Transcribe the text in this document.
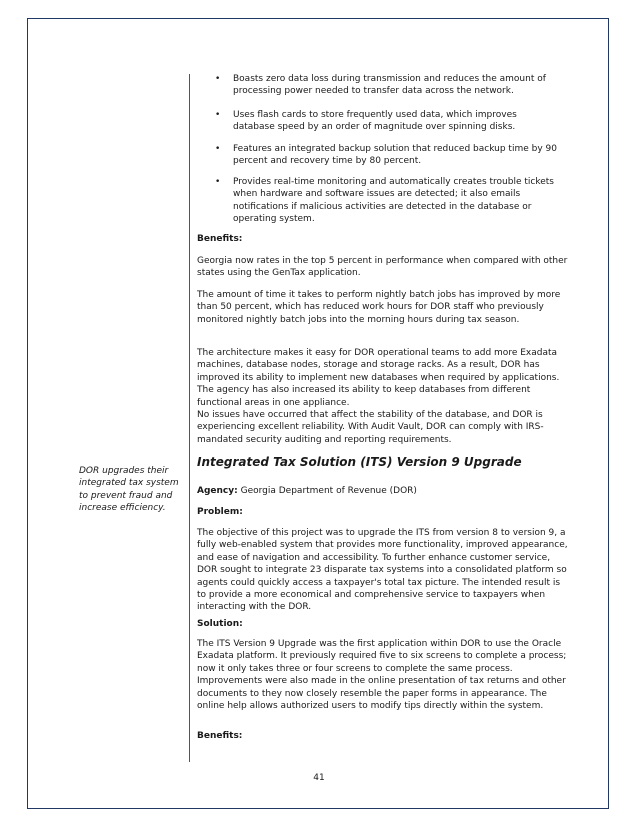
DOR upgrades their integrated tax system to prevent fraud and increase efficiency.
• Boasts zero data loss during transmission and reduces the amount of processing power needed to transfer data across the network.
• Uses flash cards to store frequently used data, which improves database speed by an order of magnitude over spinning disks.
• Features an integrated backup solution that reduced backup time by 90 percent and recovery time by 80 percent.
• Provides real-time monitoring and automatically creates trouble tickets when hardware and software issues are detected; it also emails notifications if malicious activities are detected in the database or operating system.
Benefits:
Georgia now rates in the top 5 percent in performance when compared with other states using the GenTax application.
The amount of time it takes to perform nightly batch jobs has improved by more than 50 percent, which has reduced work hours for DOR staff who previously monitored nightly batch jobs into the morning hours during tax season.
The architecture makes it easy for DOR operational teams to add more Exadata machines, database nodes, storage and storage racks. As a result, DOR has improved its ability to implement new databases when required by applications. The agency has also increased its ability to keep databases from different functional areas in one appliance.
No issues have occurred that affect the stability of the database, and DOR is experiencing excellent reliability. With Audit Vault, DOR can comply with IRS-mandated security auditing and reporting requirements.
Integrated Tax Solution (ITS) Version 9 Upgrade
Agency: Georgia Department of Revenue (DOR)
Problem:
The objective of this project was to upgrade the ITS from version 8 to version 9, a fully web-enabled system that provides more functionality, improved appearance, and ease of navigation and accessibility. To further enhance customer service, DOR sought to integrate 23 disparate tax systems into a consolidated platform so agents could quickly access a taxpayer's total tax picture. The intended result is to provide a more economical and comprehensive service to taxpayers when interacting with the DOR.
Solution:
The ITS Version 9 Upgrade was the first application within DOR to use the Oracle Exadata platform. It previously required five to six screens to complete a process; now it only takes three or four screens to complete the same process. Improvements were also made in the online presentation of tax returns and other documents to they now closely resemble the paper forms in appearance. The online help allows authorized users to modify tips directly within the system.
Benefits:
41
